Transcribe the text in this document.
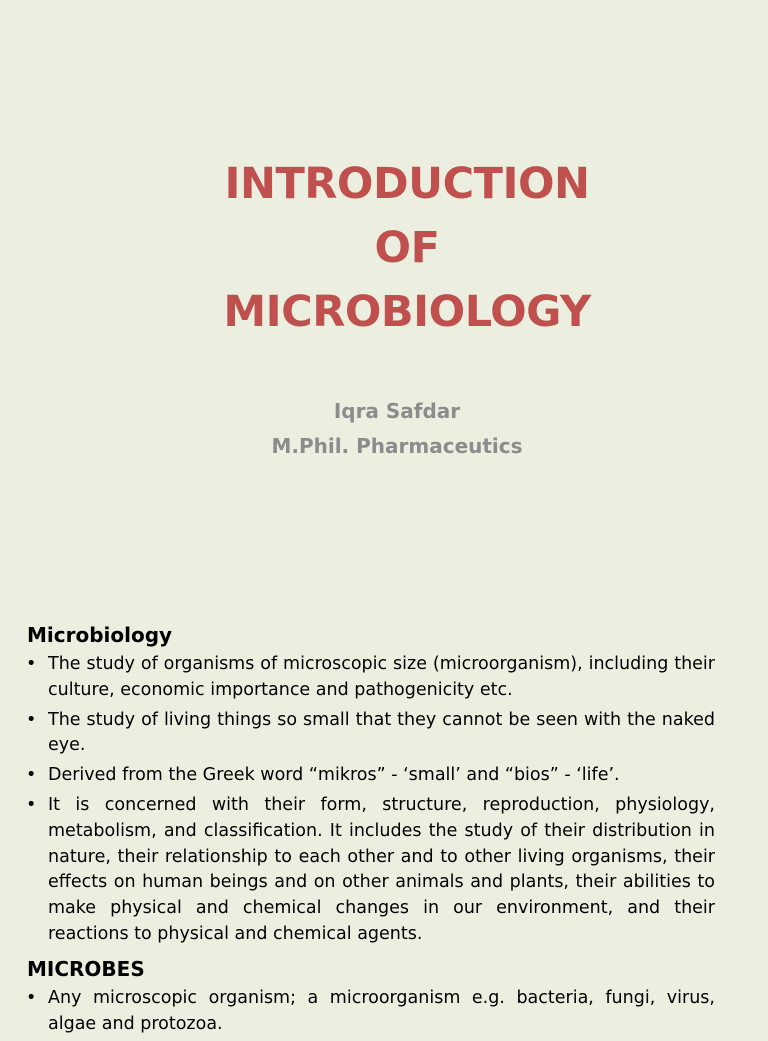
INTRODUCTION
OF
MICROBIOLOGY
Iqra Safdar
M.Phil. Pharmaceutics
Microbiology
• The study of organisms of microscopic size (microorganism), including their culture, economic importance and pathogenicity etc.
• The study of living things so small that they cannot be seen with the naked eye.
• Derived from the Greek word “mikros” - ‘small’ and “bios” - ‘life’.
• It is concerned with their form, structure, reproduction, physiology, metabolism, and classification. It includes the study of their distribution in nature, their relationship to each other and to other living organisms, their effects on human beings and on other animals and plants, their abilities to make physical and chemical changes in our environment, and their reactions to physical and chemical agents.
MICROBES
• Any microscopic organism; a microorganism e.g. bacteria, fungi, virus, algae and protozoa.
